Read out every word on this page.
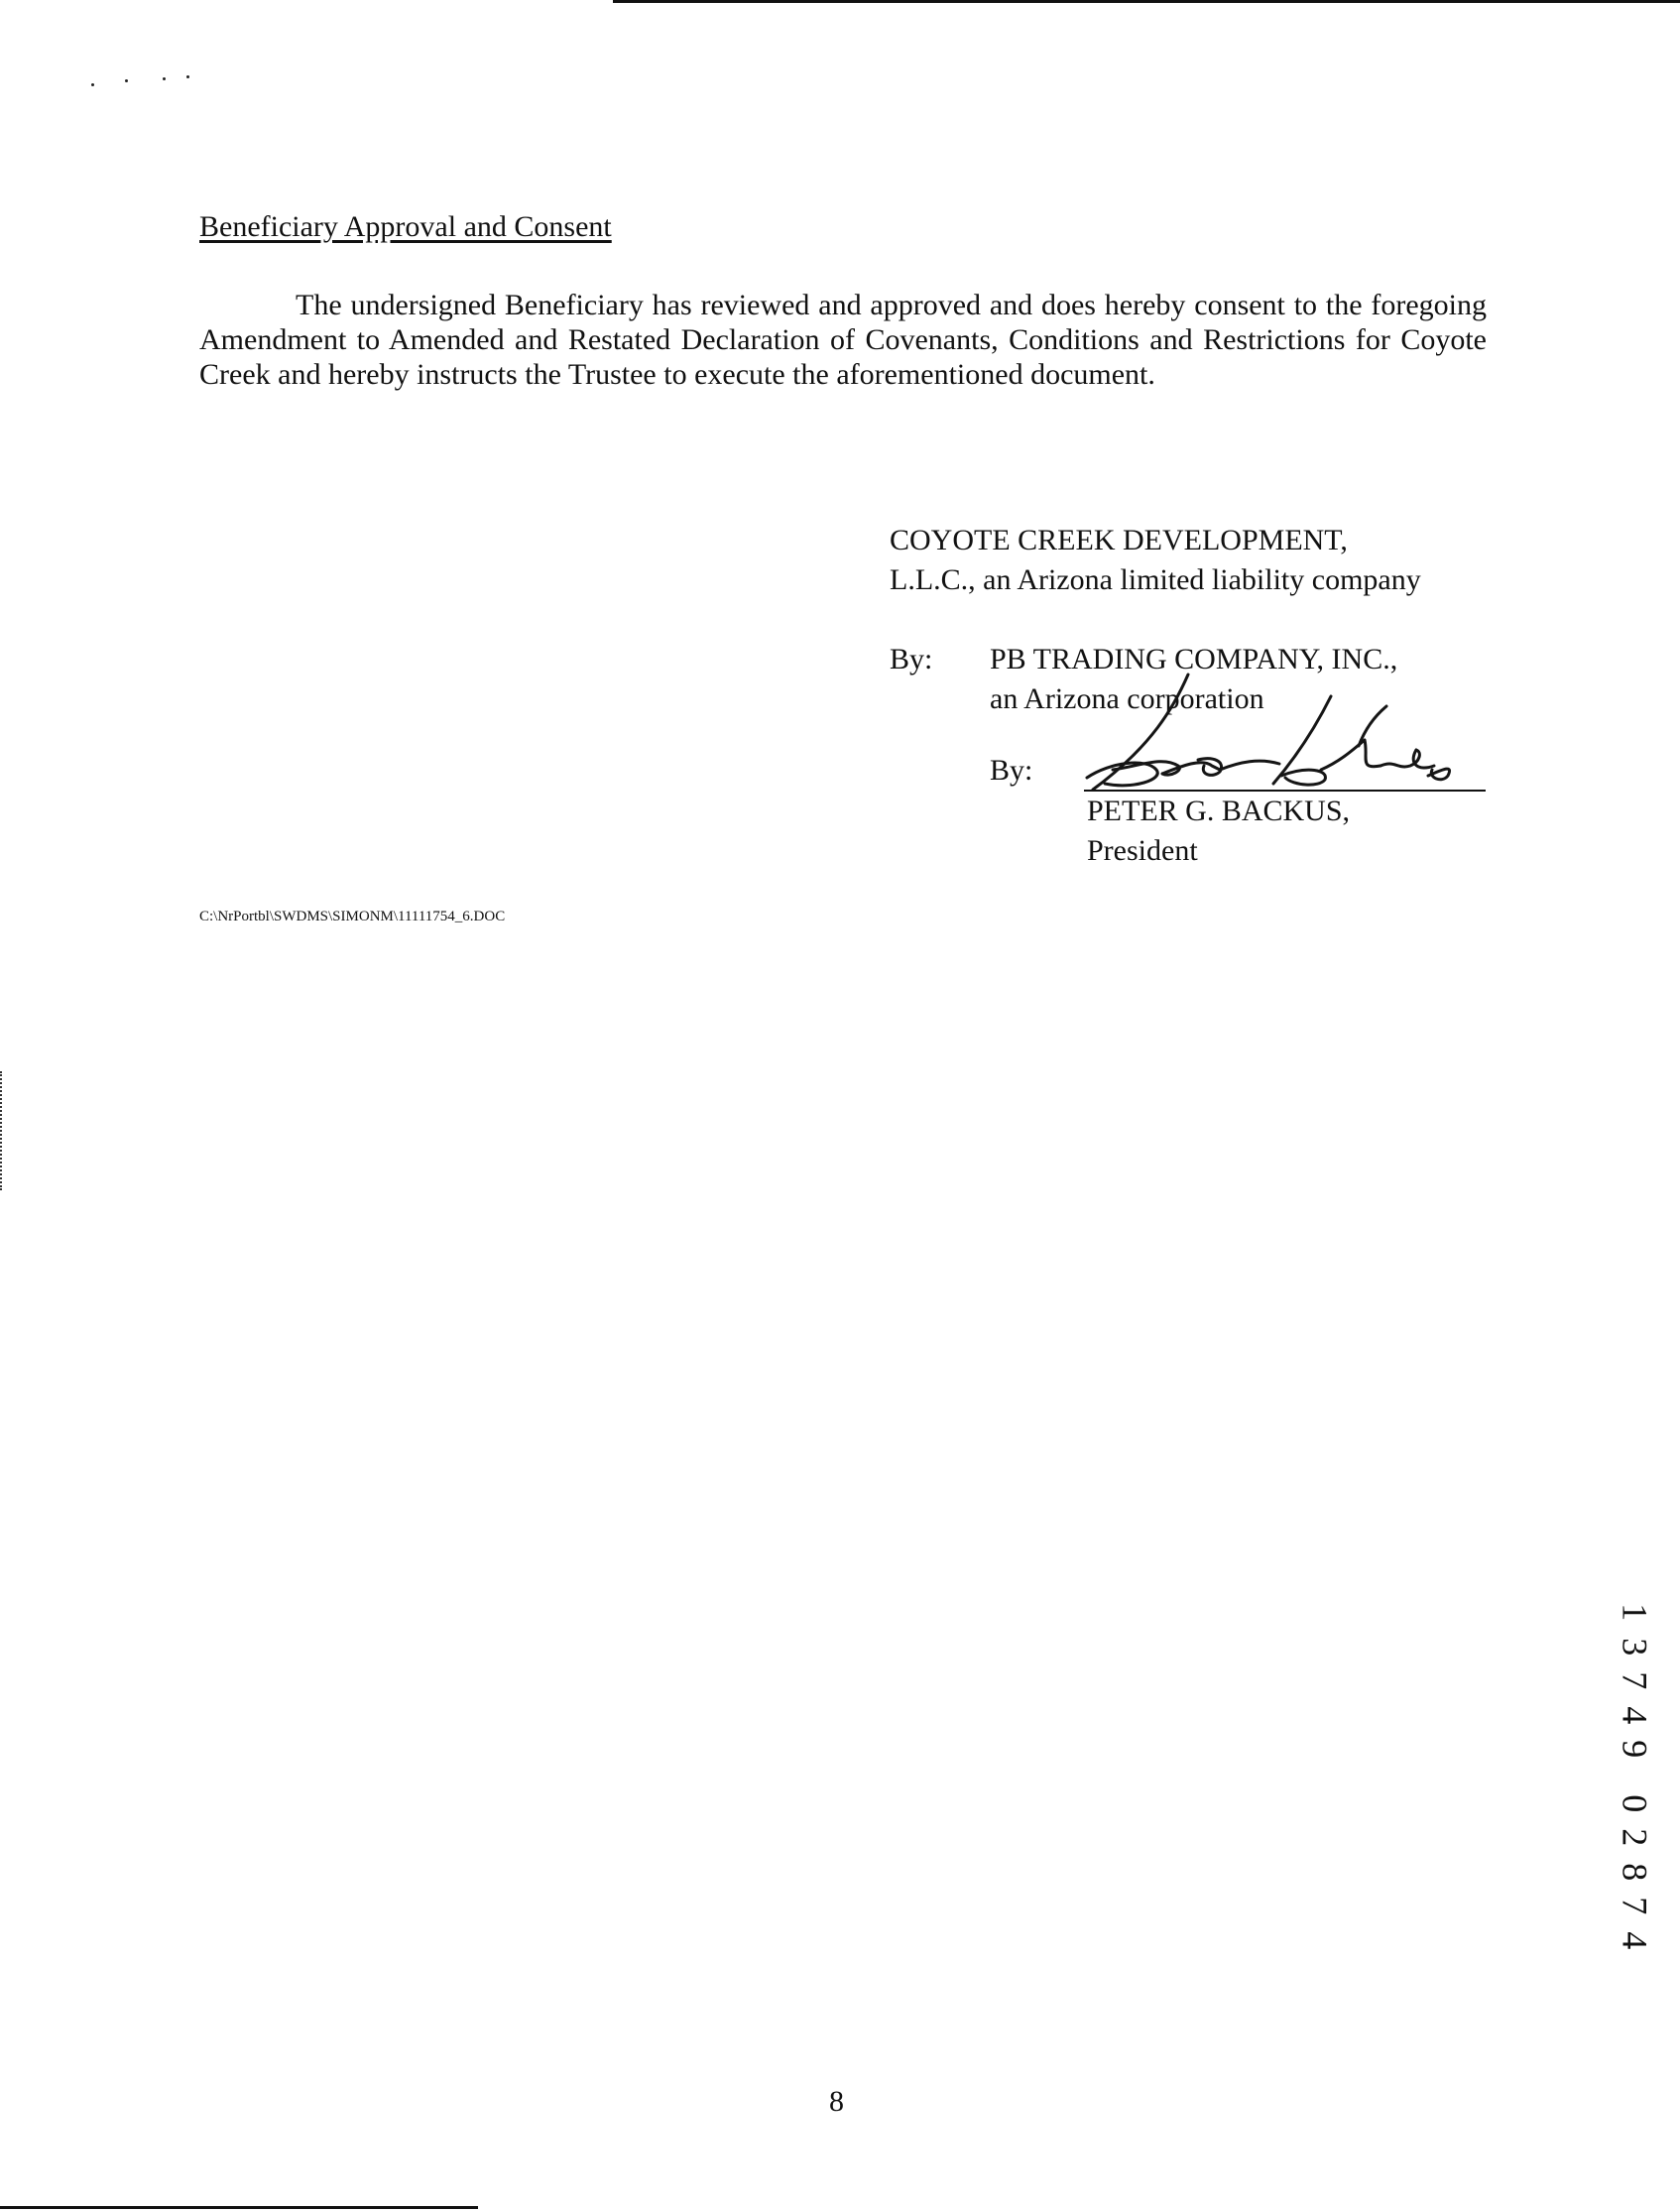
Beneficiary Approval and Consent

The undersigned Beneficiary has reviewed and approved and does hereby consent to the foregoing Amendment to Amended and Restated Declaration of Covenants, Conditions and Restrictions for Coyote Creek and hereby instructs the Trustee to execute the aforementioned document.

COYOTE CREEK DEVELOPMENT,
L.L.C., an Arizona limited liability company
By: PB TRADING COMPANY, INC.,
an Arizona corporation
By:
PETER G. BACKUS,
President
C:\NrPortbl\SWDMS\SIMONM\11111754_6.DOC
8
1
3
7
4
9
0
2
8
7
4
